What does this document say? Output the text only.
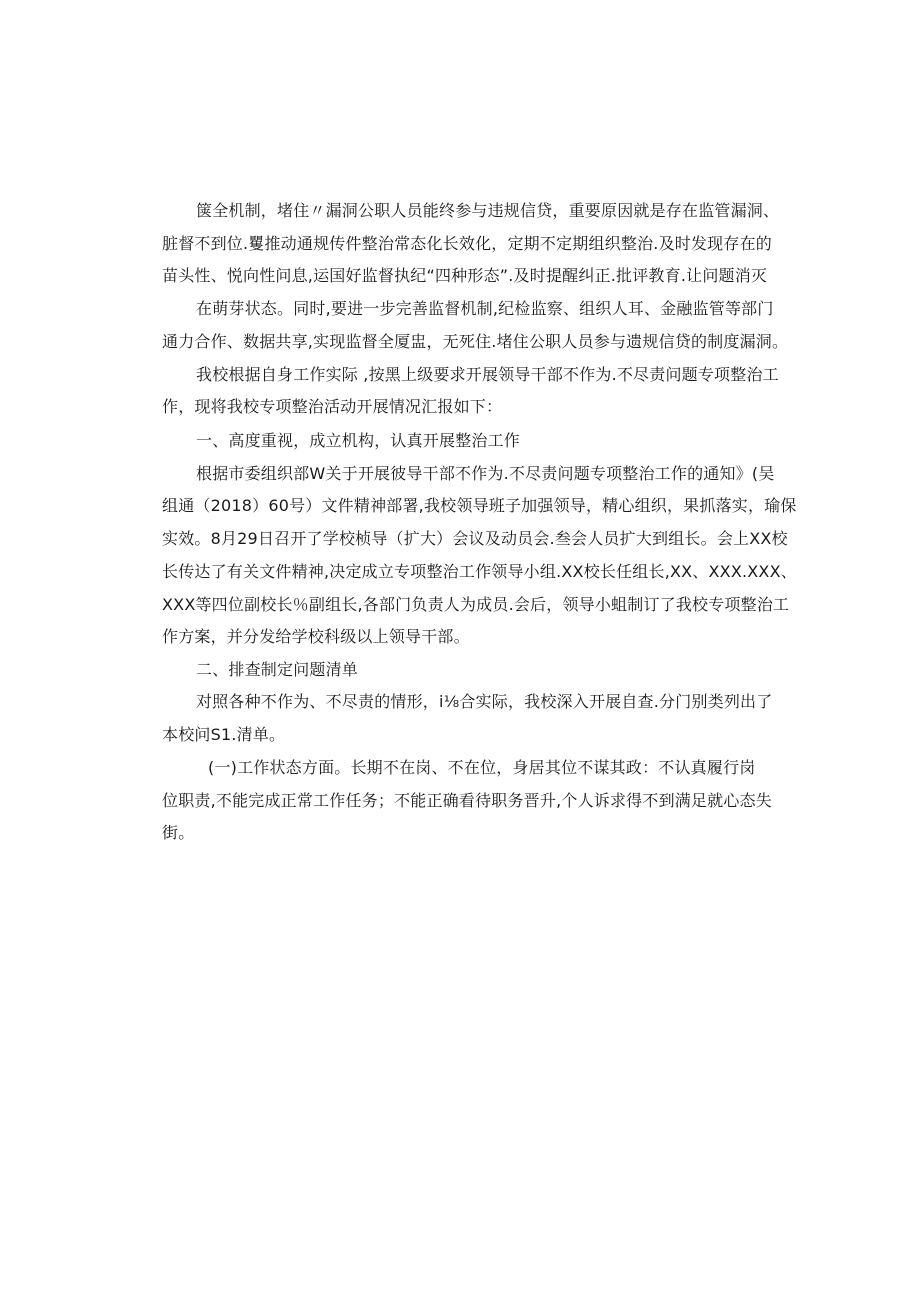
箧全机制，堵住〃漏洞公职人员能终参与违规信贷，重要原因就是存在监管漏洞、
脏督不到位.矍推动通规传件整治常态化长效化，定期不定期组织整治.及时发现存在的
苗头性、悦向性问息,运国好监督执纪“四种形态”.及时提醒纠正.批评教育.让问题消灭
在萌芽状态。同时,要进一步完善监督机制,纪检监察、组织人耳、金融监管等部门
通力合作、数据共享,实现监督全厦盅，无死住.堵住公职人员参与遗规信贷的制度漏洞。
我校根据自身工作实际 ,按黑上级要求开展领导干部不作为.不尽责问题专项整治工
作，现将我校专项整治活动开展情况汇报如下：
一、高度重视，成立机构，认真开展整治工作
根据市委组织部W关于开展彼导干部不作为.不尽责问题专项整治工作的通知》(吴
组通（2018）60号）文件精神部署,我校领导班子加强领导，精心组织，果抓落实，瑜保
实效。8月29日召开了学校桢导（扩大）会议及动员会.叁会人员扩大到组长。会上XX校
长传达了有关文件精神,决定成立专项整治工作领导小组.XX校长任组长,XX、XXX.XXX、
XXX等四位副校长％副组长,各部门负责人为成员.会后，领导小蛆制订了我校专项整治工
作方案，并分发给学校科级以上领导干部。
二、排查制定问题清单
对照各种不作为、不尽责的情形，i⅛合实际，我校深入开展自查.分门别类列出了
本校问S1.清单。
(一)工作状态方面。长期不在岗、不在位，身居其位不谋其政：不认真履行岗
位职责,不能完成正常工作任务；不能正确看待职务晋升,个人诉求得不到满足就心态失
街。
